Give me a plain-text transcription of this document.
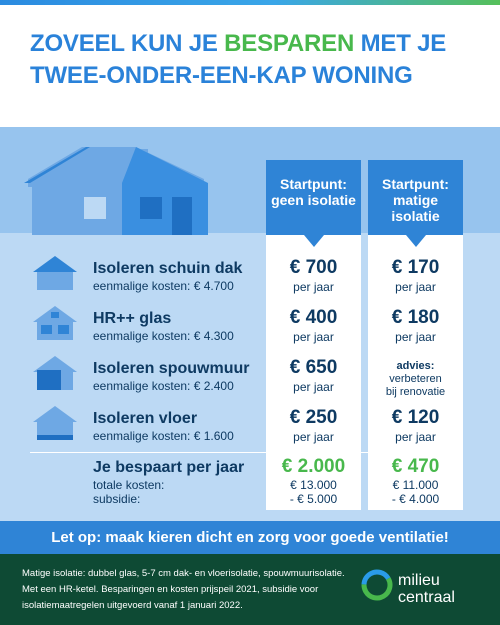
ZOVEEL KUN JE BESPAREN MET JE TWEE-ONDER-EEN-KAP WONING
Startpunt: geen isolatie
Startpunt: matige isolatie
Isoleren schuin dak
eenmalige kosten: € 4.700
€ 700
per jaar
€ 170
per jaar
HR++ glas
eenmalige kosten: € 4.300
€ 400
per jaar
€ 180
per jaar
Isoleren spouwmuur
eenmalige kosten: € 2.400
€ 650
per jaar
advies:
verbeteren
bij renovatie
Isoleren vloer
eenmalige kosten: € 1.600
€ 250
per jaar
€ 120
per jaar
Je bespaart per jaar
totale kosten:
subsidie:
€ 2.000
€ 13.000
- € 5.000
€ 470
€ 11.000
- € 4.000
Let op: maak kieren dicht en zorg voor goede ventilatie!

Matige isolatie: dubbel glas, 5-7 cm dak- en vloerisolatie, spouwmuurisolatie.

Met een HR-ketel. Besparingen en kosten prijspeil 2021, subsidie voor

isolatiemaatregelen uitgevoerd vanaf 1 januari 2022.

milieu
centraal
